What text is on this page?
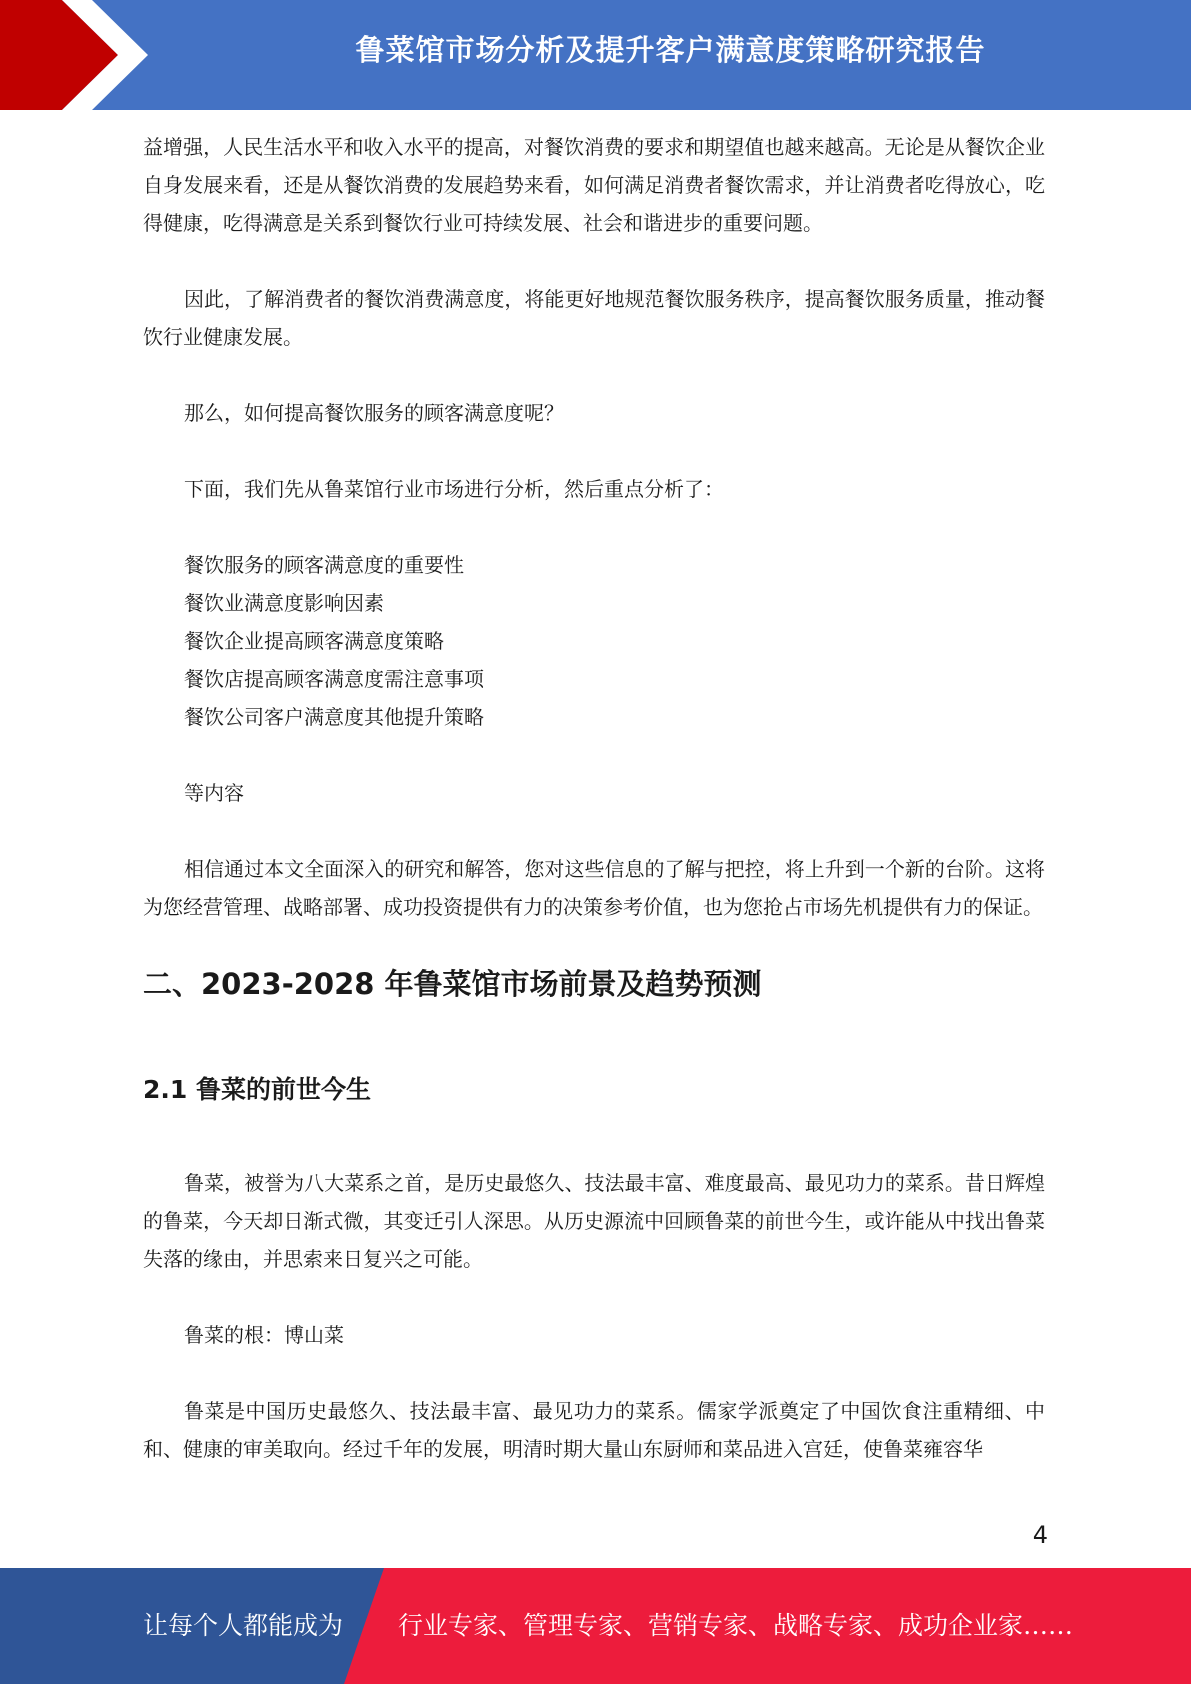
鲁菜馆市场分析及提升客户满意度策略研究报告

益增强，人民生活水平和收入水平的提高，对餐饮消费的要求和期望值也越来越高。无论是从餐饮企业自身发展来看，还是从餐饮消费的发展趋势来看，如何满足消费者餐饮需求，并让消费者吃得放心，吃得健康，吃得满意是关系到餐饮行业可持续发展、社会和谐进步的重要问题。

因此，了解消费者的餐饮消费满意度，将能更好地规范餐饮服务秩序，提高餐饮服务质量，推动餐饮行业健康发展。

那么，如何提高餐饮服务的顾客满意度呢？

下面，我们先从鲁菜馆行业市场进行分析，然后重点分析了：

餐饮服务的顾客满意度的重要性
餐饮业满意度影响因素
餐饮企业提高顾客满意度策略
餐饮店提高顾客满意度需注意事项
餐饮公司客户满意度其他提升策略

等内容

相信通过本文全面深入的研究和解答，您对这些信息的了解与把控，将上升到一个新的台阶。这将为您经营管理、战略部署、成功投资提供有力的决策参考价值，也为您抢占市场先机提供有力的保证。

二、2023-2028 年鲁菜馆市场前景及趋势预测
2.1 鲁菜的前世今生

鲁菜，被誉为八大菜系之首，是历史最悠久、技法最丰富、难度最高、最见功力的菜系。昔日辉煌的鲁菜，今天却日渐式微，其变迁引人深思。从历史源流中回顾鲁菜的前世今生，或许能从中找出鲁菜失落的缘由，并思索来日复兴之可能。

鲁菜的根：博山菜

鲁菜是中国历史最悠久、技法最丰富、最见功力的菜系。儒家学派奠定了中国饮食注重精细、中和、健康的审美取向。经过千年的发展，明清时期大量山东厨师和菜品进入宫廷，使鲁菜雍容华

4
让每个人都能成为 行业专家、管理专家、营销专家、战略专家、成功企业家……
